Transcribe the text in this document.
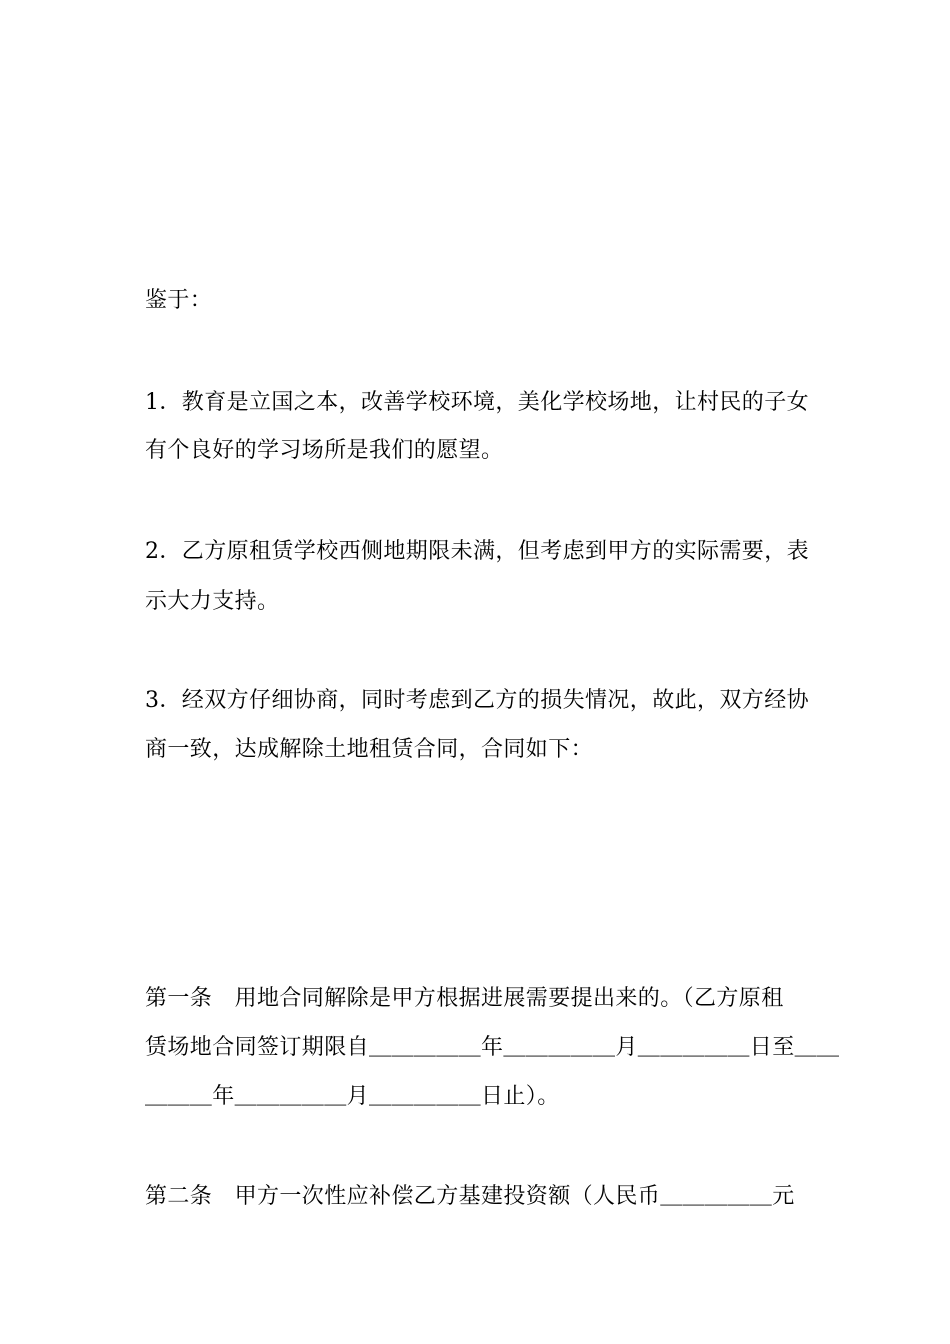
鉴于：
1．教育是立国之本，改善学校环境，美化学校场地，让村民的子女
有个良好的学习场所是我们的愿望。
2．乙方原租赁学校西侧地期限未满，但考虑到甲方的实际需要，表
示大力支持。
3．经双方仔细协商，同时考虑到乙方的损失情况，故此，双方经协
商一致，达成解除土地租赁合同，合同如下：
第一条　用地合同解除是甲方根据进展需要提出来的。（乙方原租
赁场地合同签订期限自＿＿＿＿＿年＿＿＿＿＿月＿＿＿＿＿日至＿＿
＿＿＿年＿＿＿＿＿月＿＿＿＿＿日止）。
第二条　甲方一次性应补偿乙方基建投资额（人民币＿＿＿＿＿元
